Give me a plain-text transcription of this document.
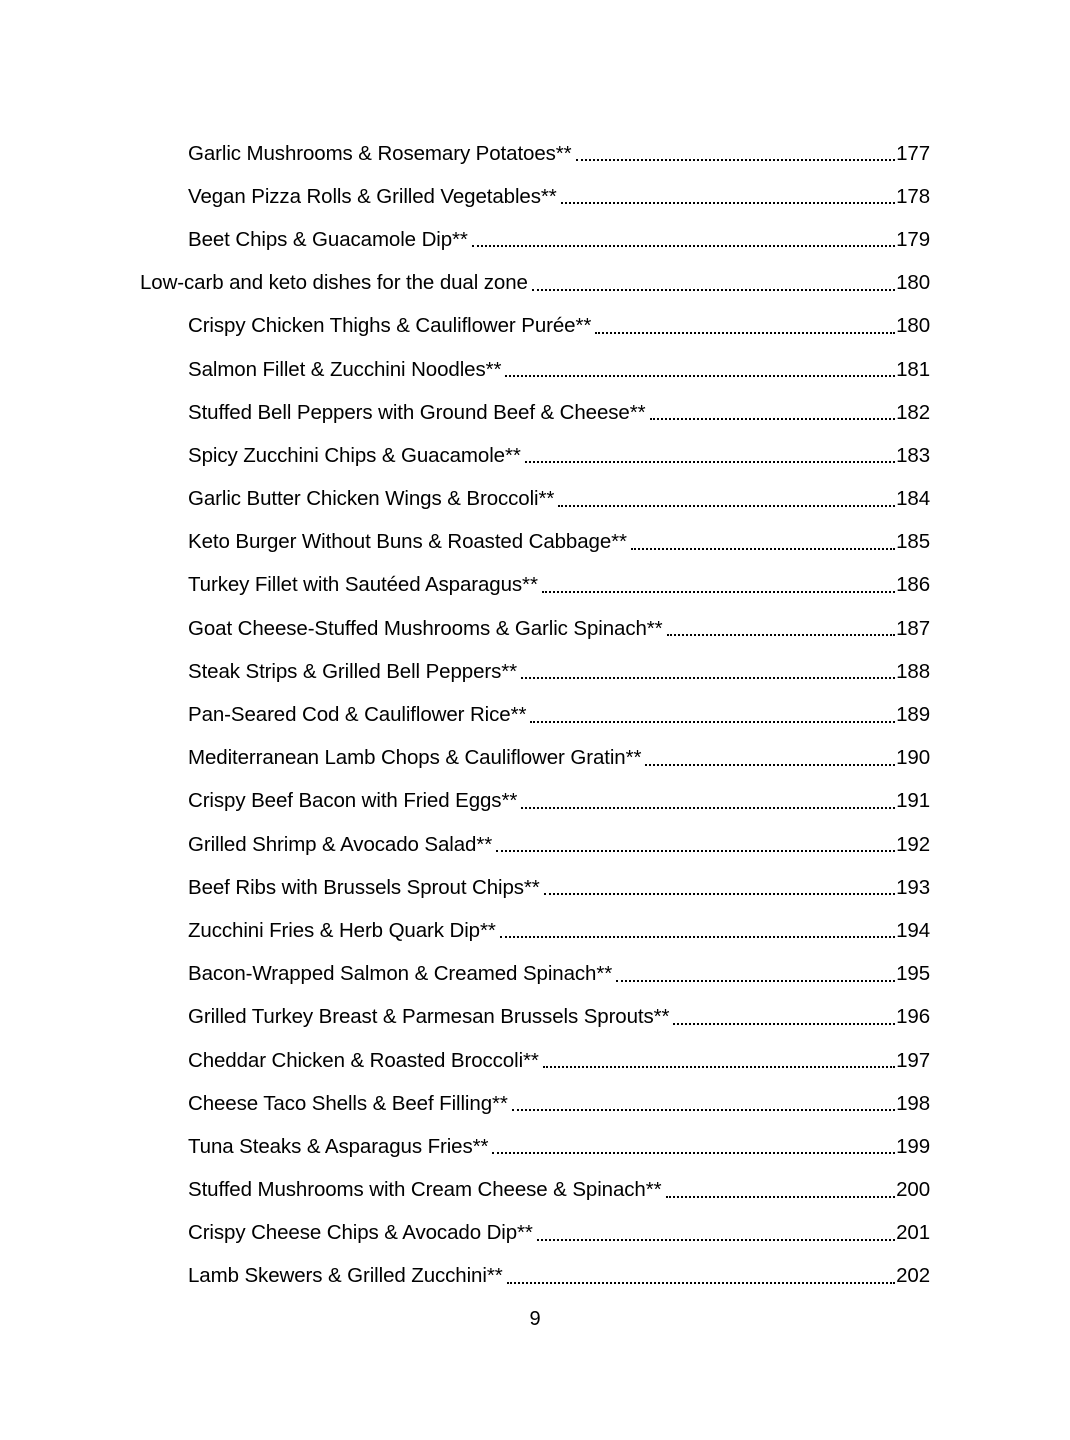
Garlic Mushrooms & Rosemary Potatoes**	177
Vegan Pizza Rolls & Grilled Vegetables**	178
Beet Chips & Guacamole Dip**	179
Low-carb and keto dishes for the dual zone	180
Crispy Chicken Thighs & Cauliflower Purée**	180
Salmon Fillet & Zucchini Noodles**	181
Stuffed Bell Peppers with Ground Beef & Cheese**	182
Spicy Zucchini Chips & Guacamole**	183
Garlic Butter Chicken Wings & Broccoli**	184
Keto Burger Without Buns & Roasted Cabbage**	185
Turkey Fillet with Sautéed Asparagus**	186
Goat Cheese-Stuffed Mushrooms & Garlic Spinach**	187
Steak Strips & Grilled Bell Peppers**	188
Pan-Seared Cod & Cauliflower Rice**	189
Mediterranean Lamb Chops & Cauliflower Gratin**	190
Crispy Beef Bacon with Fried Eggs**	191
Grilled Shrimp & Avocado Salad**	192
Beef Ribs with Brussels Sprout Chips**	193
Zucchini Fries & Herb Quark Dip**	194
Bacon-Wrapped Salmon & Creamed Spinach**	195
Grilled Turkey Breast & Parmesan Brussels Sprouts**	196
Cheddar Chicken & Roasted Broccoli**	197
Cheese Taco Shells & Beef Filling**	198
Tuna Steaks & Asparagus Fries**	199
Stuffed Mushrooms with Cream Cheese & Spinach**	200
Crispy Cheese Chips & Avocado Dip**	201
Lamb Skewers & Grilled Zucchini**	202
9
